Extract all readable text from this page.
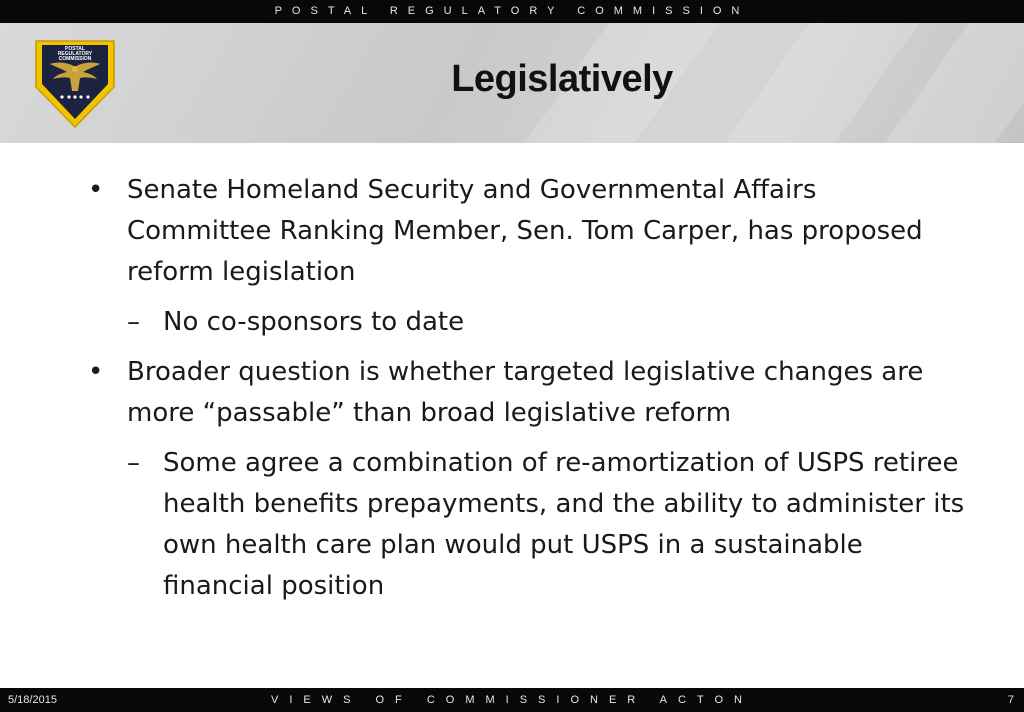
POSTAL REGULATORY COMMISSION
POSTAL
REGULATORY
COMMISSION	Legislatively
• Senate Homeland Security and Governmental Affairs Committee Ranking Member, Sen. Tom Carper, has proposed reform legislation
– No co-sponsors to date
• Broader question is whether targeted legislative changes are more “passable” than broad legislative reform
– Some agree a combination of re-amortization of USPS retiree health benefits prepayments, and the ability to administer its own health care plan would put USPS in a sustainable financial position
5/18/2015	VIEWS OF COMMISSIONER ACTON	7
